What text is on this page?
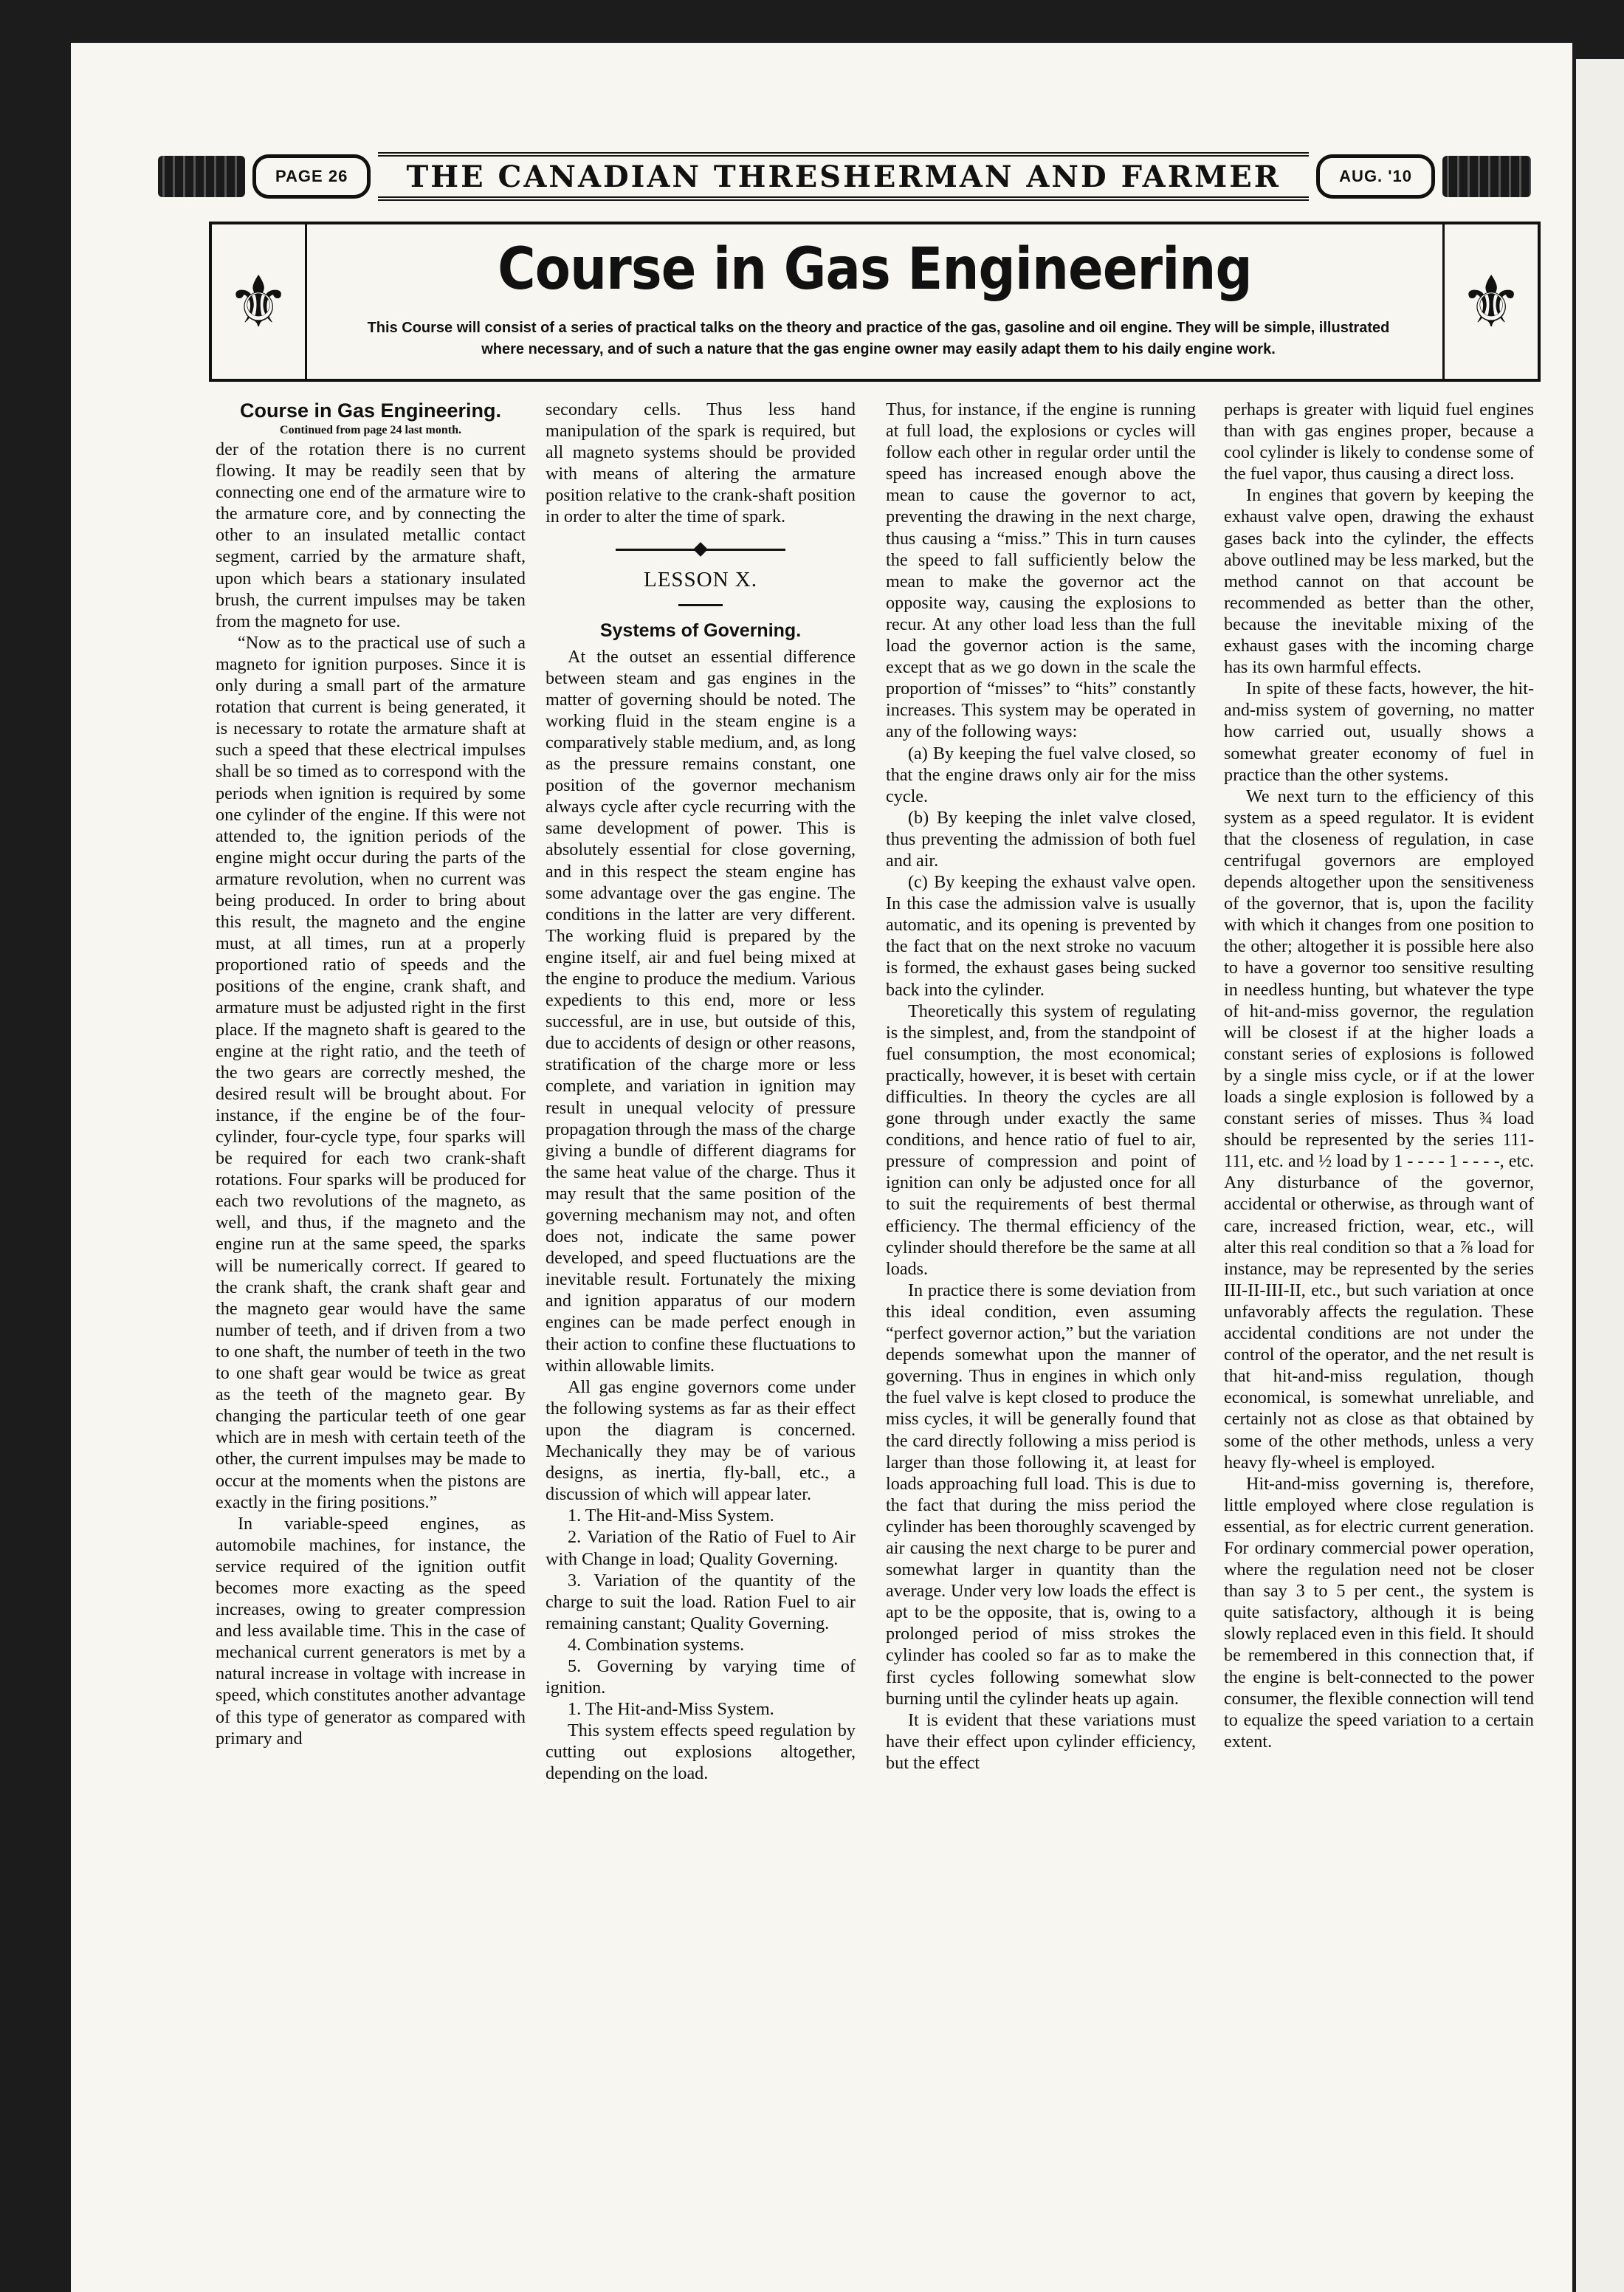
PAGE 26	THE CANADIAN THRESHERMAN AND FARMER	AUG. '10
⚜	⚜
Course in Gas Engineering
This Course will consist of a series of practical talks on the theory and practice of the gas, gasoline and oil engine. They will be simple, illustrated where necessary, and of such a nature that the gas engine owner may easily adapt them to his daily engine work.
Course in Gas Engineering.
Continued from page 24 last month.

der of the rotation there is no current flowing. It may be readily seen that by connecting one end of the armature wire to the armature core, and by connecting the other to an insulated metallic contact segment, carried by the armature shaft, upon which bears a stationary insulated brush, the current impulses may be taken from the magneto for use.

“Now as to the practical use of such a magneto for ignition purposes. Since it is only during a small part of the armature rotation that current is being generated, it is necessary to rotate the armature shaft at such a speed that these electrical impulses shall be so timed as to correspond with the periods when ignition is required by some one cylinder of the engine. If this were not attended to, the ignition periods of the engine might occur during the parts of the armature revolution, when no current was being produced. In order to bring about this result, the magneto and the engine must, at all times, run at a properly proportioned ratio of speeds and the positions of the engine, crank shaft, and armature must be adjusted right in the first place. If the magneto shaft is geared to the engine at the right ratio, and the teeth of the two gears are correctly meshed, the desired result will be brought about. For instance, if the engine be of the four-cylinder, four-cycle type, four sparks will be required for each two crank-shaft rotations. Four sparks will be produced for each two revolutions of the magneto, as well, and thus, if the magneto and the engine run at the same speed, the sparks will be numerically correct. If geared to the crank shaft, the crank shaft gear and the magneto gear would have the same number of teeth, and if driven from a two to one shaft, the number of teeth in the two to one shaft gear would be twice as great as the teeth of the magneto gear. By changing the particular teeth of one gear which are in mesh with certain teeth of the other, the current impulses may be made to occur at the moments when the pistons are exactly in the firing positions.”

In variable-speed engines, as automobile machines, for instance, the service required of the ignition outfit becomes more exacting as the speed increases, owing to greater compression and less available time. This in the case of mechanical current generators is met by a natural increase in voltage with increase in speed, which constitutes another advantage of this type of generator as compared with primary and

secondary cells. Thus less hand manipulation of the spark is required, but all magneto systems should be provided with means of altering the armature position relative to the crank-shaft position in order to alter the time of spark.

LESSON X.
Systems of Governing.

At the outset an essential difference between steam and gas engines in the matter of governing should be noted. The working fluid in the steam engine is a comparatively stable medium, and, as long as the pressure remains constant, one position of the governor mechanism always cycle after cycle recurring with the same development of power. This is absolutely essential for close governing, and in this respect the steam engine has some advantage over the gas engine. The conditions in the latter are very different. The working fluid is prepared by the engine itself, air and fuel being mixed at the engine to produce the medium. Various expedients to this end, more or less successful, are in use, but outside of this, due to accidents of design or other reasons, stratification of the charge more or less complete, and variation in ignition may result in unequal velocity of pressure propagation through the mass of the charge giving a bundle of different diagrams for the same heat value of the charge. Thus it may result that the same position of the governing mechanism may not, and often does not, indicate the same power developed, and speed fluctuations are the inevitable result. Fortunately the mixing and ignition apparatus of our modern engines can be made perfect enough in their action to confine these fluctuations to within allowable limits.

All gas engine governors come under the following systems as far as their effect upon the diagram is concerned. Mechanically they may be of various designs, as inertia, fly-ball, etc., a discussion of which will appear later.

1. The Hit-and-Miss System.

2. Variation of the Ratio of Fuel to Air with Change in load; Quality Governing.

3. Variation of the quantity of the charge to suit the load. Ration Fuel to air remaining canstant; Quality Governing.

4. Combination systems.

5. Governing by varying time of ignition.

1. The Hit-and-Miss System.

This system effects speed regulation by cutting out explosions altogether, depending on the load.

Thus, for instance, if the engine is running at full load, the explosions or cycles will follow each other in regular order until the speed has increased enough above the mean to cause the governor to act, preventing the drawing in the next charge, thus causing a “miss.” This in turn causes the speed to fall sufficiently below the mean to make the governor act the opposite way, causing the explosions to recur. At any other load less than the full load the governor action is the same, except that as we go down in the scale the proportion of “misses” to “hits” constantly increases. This system may be operated in any of the following ways:

(a) By keeping the fuel valve closed, so that the engine draws only air for the miss cycle.

(b) By keeping the inlet valve closed, thus preventing the admission of both fuel and air.

(c) By keeping the exhaust valve open. In this case the admission valve is usually automatic, and its opening is prevented by the fact that on the next stroke no vacuum is formed, the exhaust gases being sucked back into the cylinder.

Theoretically this system of regulating is the simplest, and, from the standpoint of fuel consumption, the most economical; practically, however, it is beset with certain difficulties. In theory the cycles are all gone through under exactly the same conditions, and hence ratio of fuel to air, pressure of compression and point of ignition can only be adjusted once for all to suit the requirements of best thermal efficiency. The thermal efficiency of the cylinder should therefore be the same at all loads.

In practice there is some deviation from this ideal condition, even assuming “perfect governor action,” but the variation depends somewhat upon the manner of governing. Thus in engines in which only the fuel valve is kept closed to produce the miss cycles, it will be generally found that the card directly following a miss period is larger than those following it, at least for loads approaching full load. This is due to the fact that during the miss period the cylinder has been thoroughly scavenged by air causing the next charge to be purer and somewhat larger in quantity than the average. Under very low loads the effect is apt to be the opposite, that is, owing to a prolonged period of miss strokes the cylinder has cooled so far as to make the first cycles following somewhat slow burning until the cylinder heats up again.

It is evident that these variations must have their effect upon cylinder efficiency, but the effect

perhaps is greater with liquid fuel engines than with gas engines proper, because a cool cylinder is likely to condense some of the fuel vapor, thus causing a direct loss.

In engines that govern by keeping the exhaust valve open, drawing the exhaust gases back into the cylinder, the effects above outlined may be less marked, but the method cannot on that account be recommended as better than the other, because the inevitable mixing of the exhaust gases with the incoming charge has its own harmful effects.

In spite of these facts, however, the hit-and-miss system of governing, no matter how carried out, usually shows a somewhat greater economy of fuel in practice than the other systems.

We next turn to the efficiency of this system as a speed regulator. It is evident that the closeness of regulation, in case centrifugal governors are employed depends altogether upon the sensitiveness of the governor, that is, upon the facility with which it changes from one position to the other; altogether it is possible here also to have a governor too sensitive resulting in needless hunting, but whatever the type of hit-and-miss governor, the regulation will be closest if at the higher loads a constant series of explosions is followed by a single miss cycle, or if at the lower loads a single explosion is followed by a constant series of misses. Thus ¾ load should be represented by the series 111-111, etc. and ½ load by 1 - - - - 1 - - - -, etc. Any disturbance of the governor, accidental or otherwise, as through want of care, increased friction, wear, etc., will alter this real condition so that a ⅞ load for instance, may be represented by the series III-II-III-II, etc., but such variation at once unfavorably affects the regulation. These accidental conditions are not under the control of the operator, and the net result is that hit-and-miss regulation, though economical, is somewhat unreliable, and certainly not as close as that obtained by some of the other methods, unless a very heavy fly-wheel is employed.

Hit-and-miss governing is, therefore, little employed where close regulation is essential, as for electric current generation. For ordinary commercial power operation, where the regulation need not be closer than say 3 to 5 per cent., the system is quite satisfactory, although it is being slowly replaced even in this field. It should be remembered in this connection that, if the engine is belt-connected to the power consumer, the flexible connection will tend to equalize the speed variation to a certain extent.
